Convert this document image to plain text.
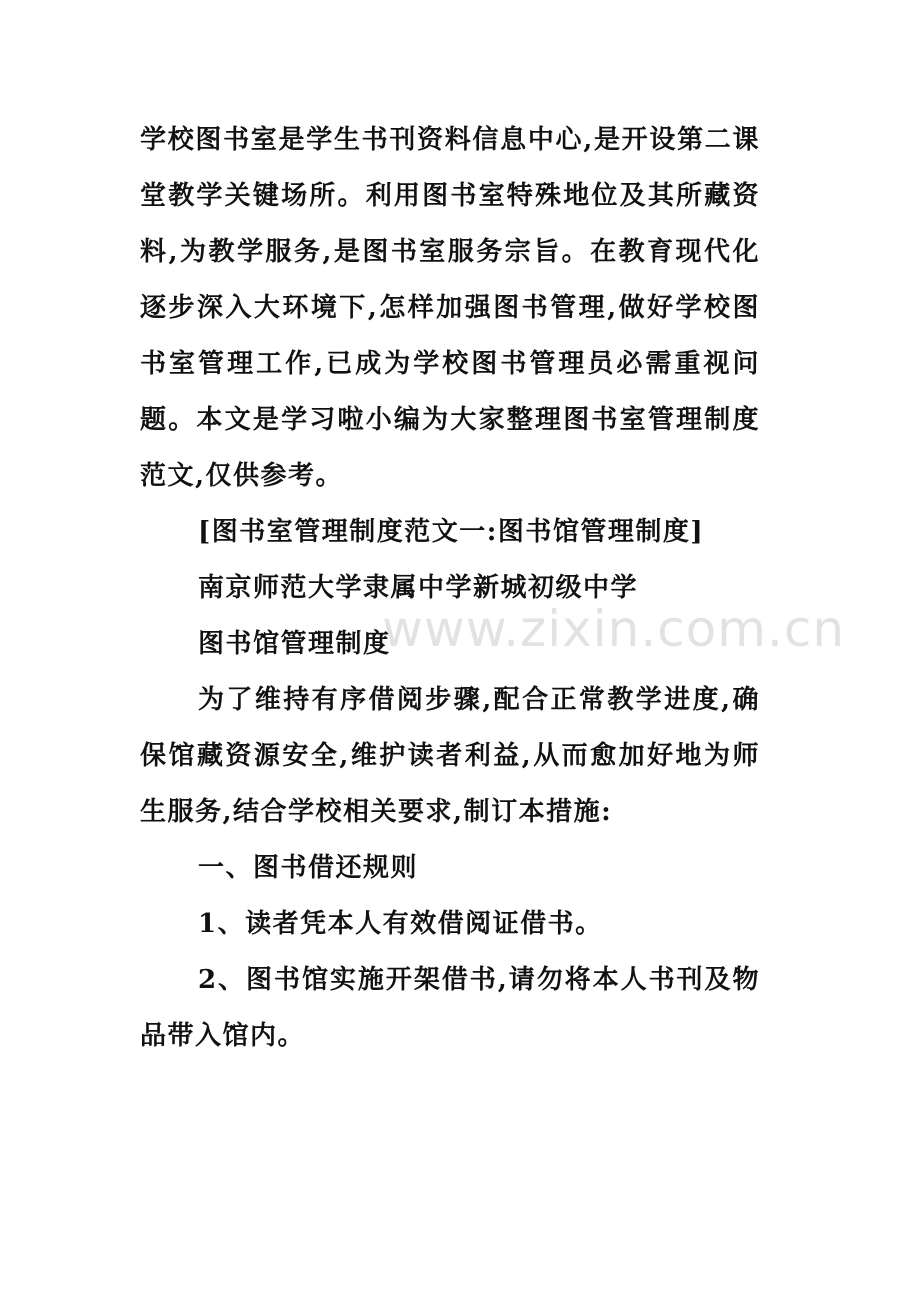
学校图书室是学生书刊资料信息中心,是开设第二课堂教学关键场所。利用图书室特殊地位及其所藏资料,为教学服务,是图书室服务宗旨。在教育现代化逐步深入大环境下,怎样加强图书管理,做好学校图书室管理工作,已成为学校图书管理员必需重视问题。本文是学习啦小编为大家整理图书室管理制度范文,仅供参考。

[图书室管理制度范文一:图书馆管理制度]

南京师范大学隶属中学新城初级中学

图书馆管理制度

为了维持有序借阅步骤,配合正常教学进度,确保馆藏资源安全,维护读者利益,从而愈加好地为师生服务,结合学校相关要求,制订本措施:

一、图书借还规则

1、读者凭本人有效借阅证借书。

2、图书馆实施开架借书,请勿将本人书刊及物品带入馆内。

www.zixin.com.cn
